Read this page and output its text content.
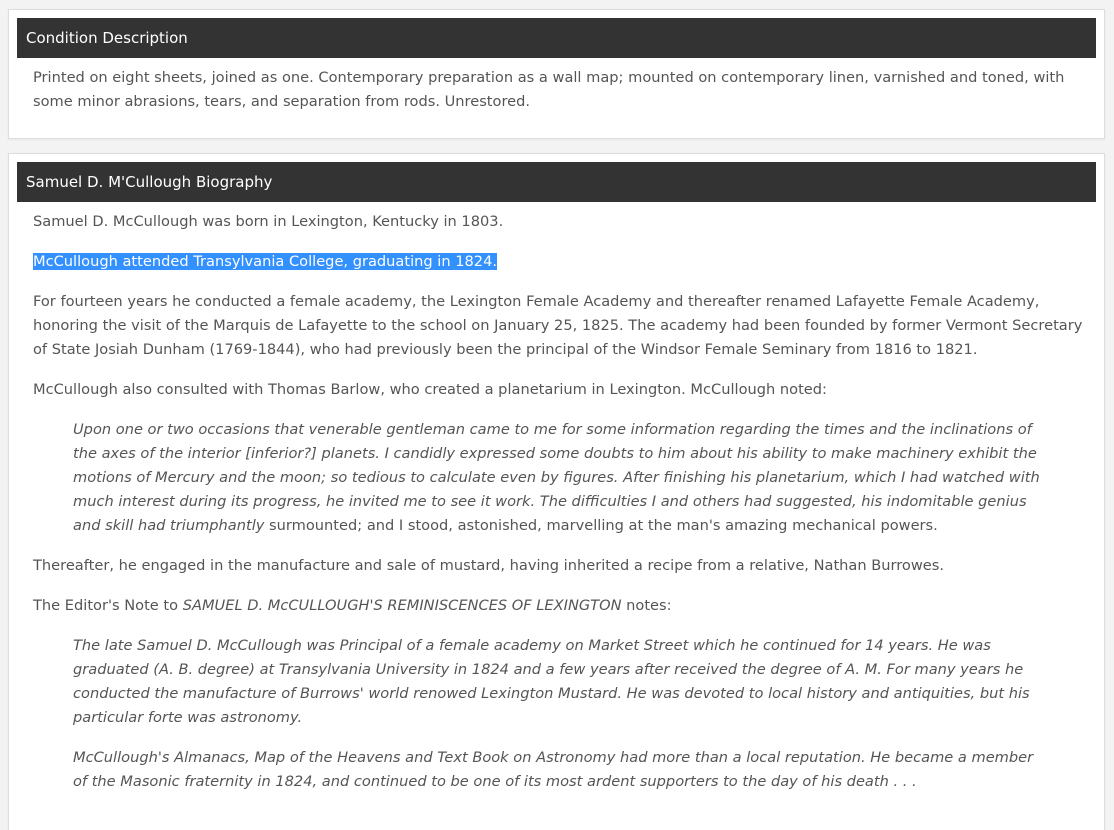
Condition Description

Printed on eight sheets, joined as one. Contemporary preparation as a wall map; mounted on contemporary linen, varnished and toned, with some minor abrasions, tears, and separation from rods. Unrestored.

Samuel D. M'Cullough Biography

Samuel D. McCullough was born in Lexington, Kentucky in 1803.

McCullough attended Transylvania College, graduating in 1824.

For fourteen years he conducted a female academy, the Lexington Female Academy and thereafter renamed Lafayette Female Academy, honoring the visit of the Marquis de Lafayette to the school on January 25, 1825. The academy had been founded by former Vermont Secretary of State Josiah Dunham (1769-1844), who had previously been the principal of the Windsor Female Seminary from 1816 to 1821.

McCullough also consulted with Thomas Barlow, who created a planetarium in Lexington. McCullough noted:

Upon one or two occasions that venerable gentleman came to me for some information regarding the times and the inclinations of the axes of the interior [inferior?] planets. I candidly expressed some doubts to him about his ability to make machinery exhibit the motions of Mercury and the moon; so tedious to calculate even by figures. After finishing his planetarium, which I had watched with much interest during its progress, he invited me to see it work. The difficulties I and others had suggested, his indomitable genius and skill had triumphantly surmounted; and I stood, astonished, marvelling at the man's amazing mechanical powers.

Thereafter, he engaged in the manufacture and sale of mustard, having inherited a recipe from a relative, Nathan Burrowes.

The Editor's Note to SAMUEL D. McCULLOUGH'S REMINISCENCES OF LEXINGTON notes:

The late Samuel D. McCullough was Principal of a female academy on Market Street which he continued for 14 years. He was graduated (A. B. degree) at Transylvania University in 1824 and a few years after received the degree of A. M. For many years he conducted the manufacture of Burrows' world renowed Lexington Mustard. He was devoted to local history and antiquities, but his particular forte was astronomy.
McCullough's Almanacs, Map of the Heavens and Text Book on Astronomy had more than a local reputation. He became a member of the Masonic fraternity in 1824, and continued to be one of its most ardent supporters to the day of his death . . .
